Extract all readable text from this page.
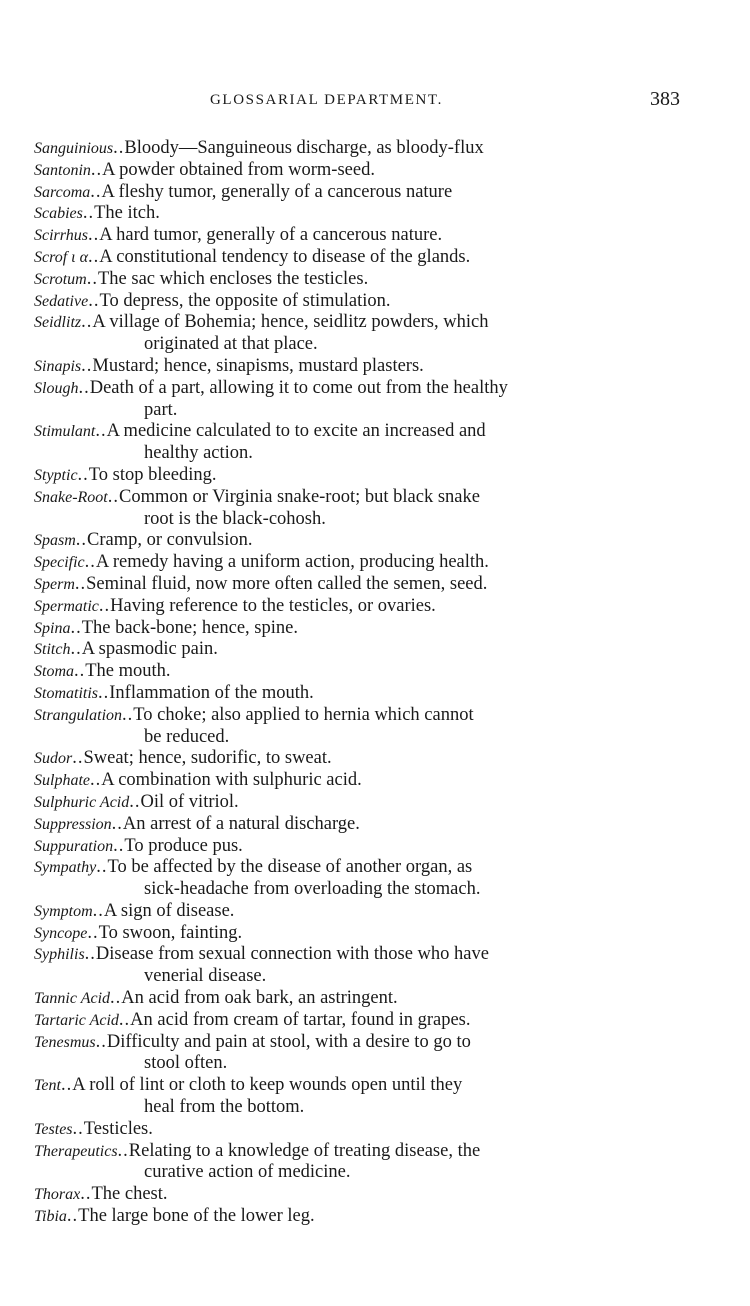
GLOSSARIAL DEPARTMENT.	383
Sanguinious..Bloody—Sanguineous discharge, as bloody-flux
Santonin..A powder obtained from worm-seed.
Sarcoma..A fleshy tumor, generally of a cancerous nature
Scabies..The itch.
Scirrhus..A hard tumor, generally of a cancerous nature.
Scrof ι α..A constitutional tendency to disease of the glands.
Scrotum..The sac which encloses the testicles.
Sedative..To depress, the opposite of stimulation.
Seidlitz..A village of Bohemia; hence, seidlitz powders, which
originated at that place.
Sinapis..Mustard; hence, sinapisms, mustard plasters.
Slough..Death of a part, allowing it to come out from the healthy
part.
Stimulant..A medicine calculated to to excite an increased and
healthy action.
Styptic..To stop bleeding.
Snake-Root..Common or Virginia snake-root; but black snake
root is the black-cohosh.
Spasm..Cramp, or convulsion.
Specific..A remedy having a uniform action, producing health.
Sperm..Seminal fluid, now more often called the semen, seed.
Spermatic..Having reference to the testicles, or ovaries.
Spina..The back-bone; hence, spine.
Stitch..A spasmodic pain.
Stoma..The mouth.
Stomatitis..Inflammation of the mouth.
Strangulation..To choke; also applied to hernia which cannot
be reduced.
Sudor..Sweat; hence, sudorific, to sweat.
Sulphate..A combination with sulphuric acid.
Sulphuric Acid..Oil of vitriol.
Suppression..An arrest of a natural discharge.
Suppuration..To produce pus.
Sympathy..To be affected by the disease of another organ, as
sick-headache from overloading the stomach.
Symptom..A sign of disease.
Syncope..To swoon, fainting.
Syphilis..Disease from sexual connection with those who have
venerial disease.
Tannic Acid..An acid from oak bark, an astringent.
Tartaric Acid..An acid from cream of tartar, found in grapes.
Tenesmus..Difficulty and pain at stool, with a desire to go to
stool often.
Tent..A roll of lint or cloth to keep wounds open until they
heal from the bottom.
Testes..Testicles.
Therapeutics..Relating to a knowledge of treating disease, the
curative action of medicine.
Thorax..The chest.
Tibia..The large bone of the lower leg.
